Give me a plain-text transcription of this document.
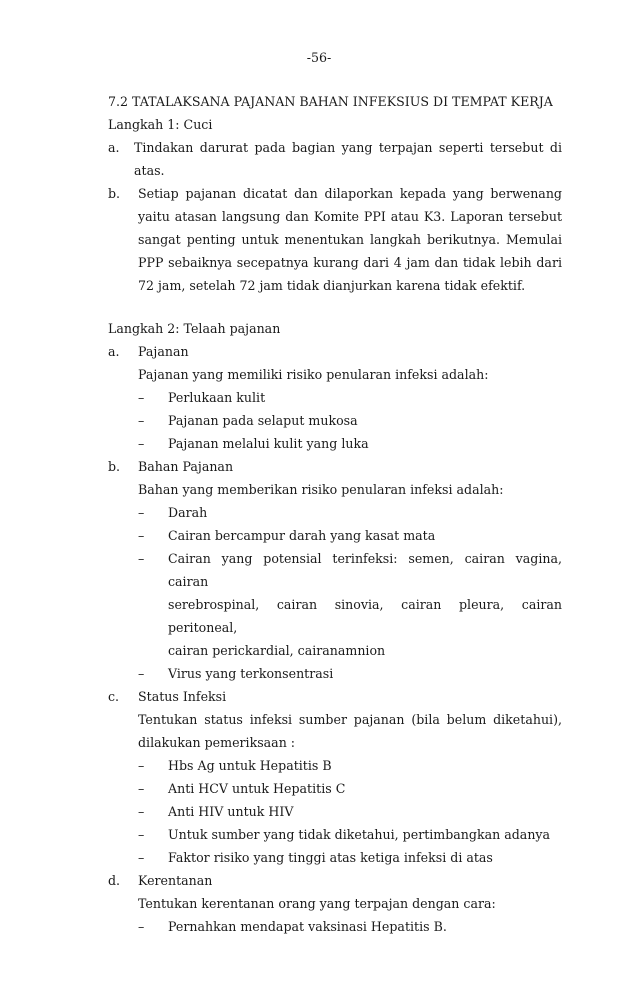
-56-
7.2 TATALAKSANA PAJANAN BAHAN INFEKSIUS DI TEMPAT KERJA
Langkah 1: Cuci
a.	Tindakan darurat pada bagian yang terpajan seperti tersebut di
atas.
b.	Setiap pajanan dicatat dan dilaporkan kepada yang berwenang
yaitu atasan langsung dan Komite PPI atau K3. Laporan tersebut
sangat penting untuk menentukan langkah berikutnya. Memulai
PPP sebaiknya secepatnya kurang dari 4 jam dan tidak lebih dari
72 jam, setelah 72 jam tidak dianjurkan karena tidak efektif.
Langkah 2: Telaah pajanan
a.	Pajanan
Pajanan yang memiliki risiko penularan infeksi adalah:
–	Perlukaan kulit
–	Pajanan pada selaput mukosa
–	Pajanan melalui kulit yang luka
b.	Bahan Pajanan
Bahan yang memberikan risiko penularan infeksi adalah:
–	Darah
–	Cairan bercampur darah yang kasat mata
–	Cairan yang potensial terinfeksi: semen, cairan vagina, cairan
serebrospinal, cairan sinovia, cairan pleura, cairan peritoneal,
cairan perickardial, cairanamnion
–	Virus yang terkonsentrasi
c.	Status Infeksi
Tentukan status infeksi sumber pajanan (bila belum diketahui),
dilakukan pemeriksaan :
–	Hbs Ag untuk Hepatitis B
–	Anti HCV untuk Hepatitis C
–	Anti HIV untuk HIV
–	Untuk sumber yang tidak diketahui, pertimbangkan adanya
–	Faktor risiko yang tinggi atas ketiga infeksi di atas
d.	Kerentanan
Tentukan kerentanan orang yang terpajan dengan cara:
–	Pernahkan mendapat vaksinasi Hepatitis B.
